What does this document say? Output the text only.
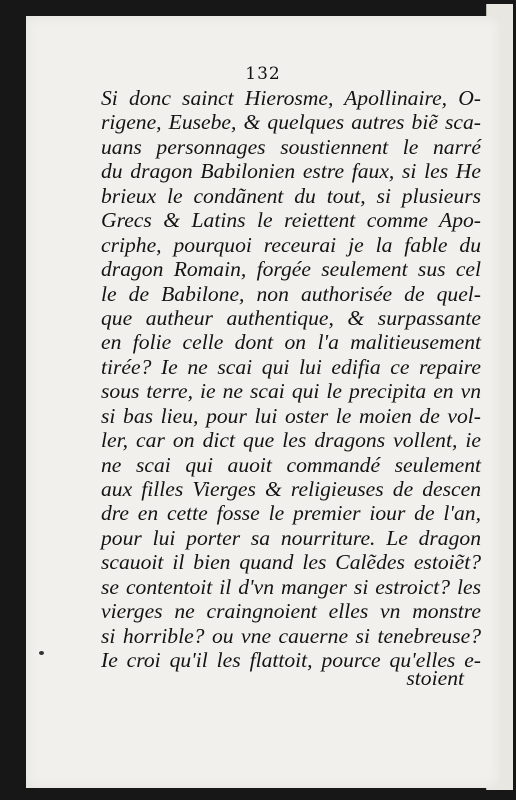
132
Si donc sainct Hierosme, Apollinaire, O-
rigene, Eusebe, & quelques autres biẽ sca-
uans personnages soustiennent le narré
du dragon Babilonien estre faux, si les He
brieux le condãnent du tout, si plusieurs
Grecs & Latins le reiettent comme Apo-
criphe, pourquoi receurai je la fable du
dragon Romain, forgée seulement sus cel
le de Babilone, non authorisée de quel-
que autheur authentique, & surpassante
en folie celle dont on l'a malitieusement
tirée? Ie ne scai qui lui edifia ce repaire
sous terre, ie ne scai qui le precipita en vn
si bas lieu, pour lui oster le moien de vol-
ler, car on dict que les dragons vollent, ie
ne scai qui auoit commandé seulement
aux filles Vierges & religieuses de descen
dre en cette fosse le premier iour de l'an,
pour lui porter sa nourriture. Le dragon
scauoit il bien quand les Calẽdes estoiẽt?
se contentoit il d'vn manger si estroict? les
vierges ne craingnoient elles vn monstre
si horrible? ou vne cauerne si tenebreuse?
Ie croi qu'il les flattoit, pource qu'elles e-
stoient
